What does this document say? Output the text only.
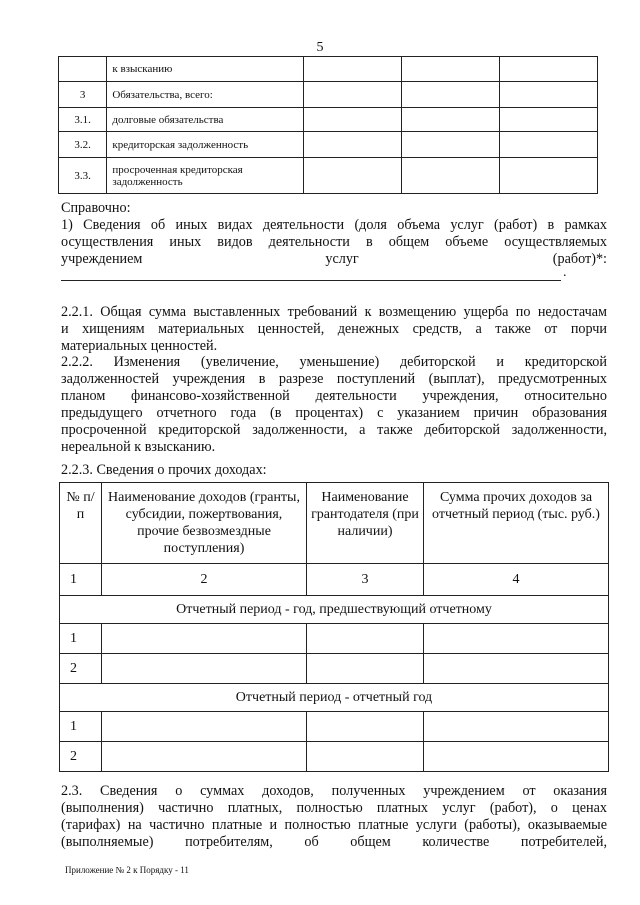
5
	к взысканию			
3	Обязательства, всего:			
3.1.	долговые обязательства			
3.2.	кредиторская задолженность			
3.3.	просроченная кредиторская задолженность			
Справочно:
1) Сведения об иных видах деятельности (доля объема услуг (работ) в рамках
осуществления иных видов деятельности в общем объеме осуществляемых
учреждением                                 услуг                                   (работ)*:
.
2.2.1. Общая сумма выставленных требований к возмещению ущерба по недостачам
и хищениям материальных ценностей, денежных средств, а также от порчи
материальных ценностей.
2.2.2. Изменения (увеличение, уменьшение) дебиторской и кредиторской
задолженностей учреждения в разрезе поступлений (выплат), предусмотренных
планом финансово-хозяйственной деятельности учреждения, относительно
предыдущего отчетного года (в процентах) с указанием причин образования
просроченной кредиторской задолженности, а также дебиторской задолженности,
нереальной к взысканию.
2.2.3. Сведения о прочих доходах:
№ п/п	Наименование доходов (гранты, субсидии, пожертвования, прочие безвозмездные поступления)	Наименование грантодателя (при наличии)	Сумма прочих доходов за отчетный период (тыс. руб.)
1	2	3	4
Отчетный период - год, предшествующий отчетному			
1			
2			
Отчетный период - отчетный год			
1			
2			
2.3. Сведения о суммах доходов, полученных учреждением от оказания
(выполнения) частично платных, полностью платных услуг (работ), о ценах
(тарифах) на частично платные и полностью платные услуги (работы), оказываемые
(выполняемые) потребителям, об общем количестве потребителей,
Приложение № 2 к Порядку - 11
